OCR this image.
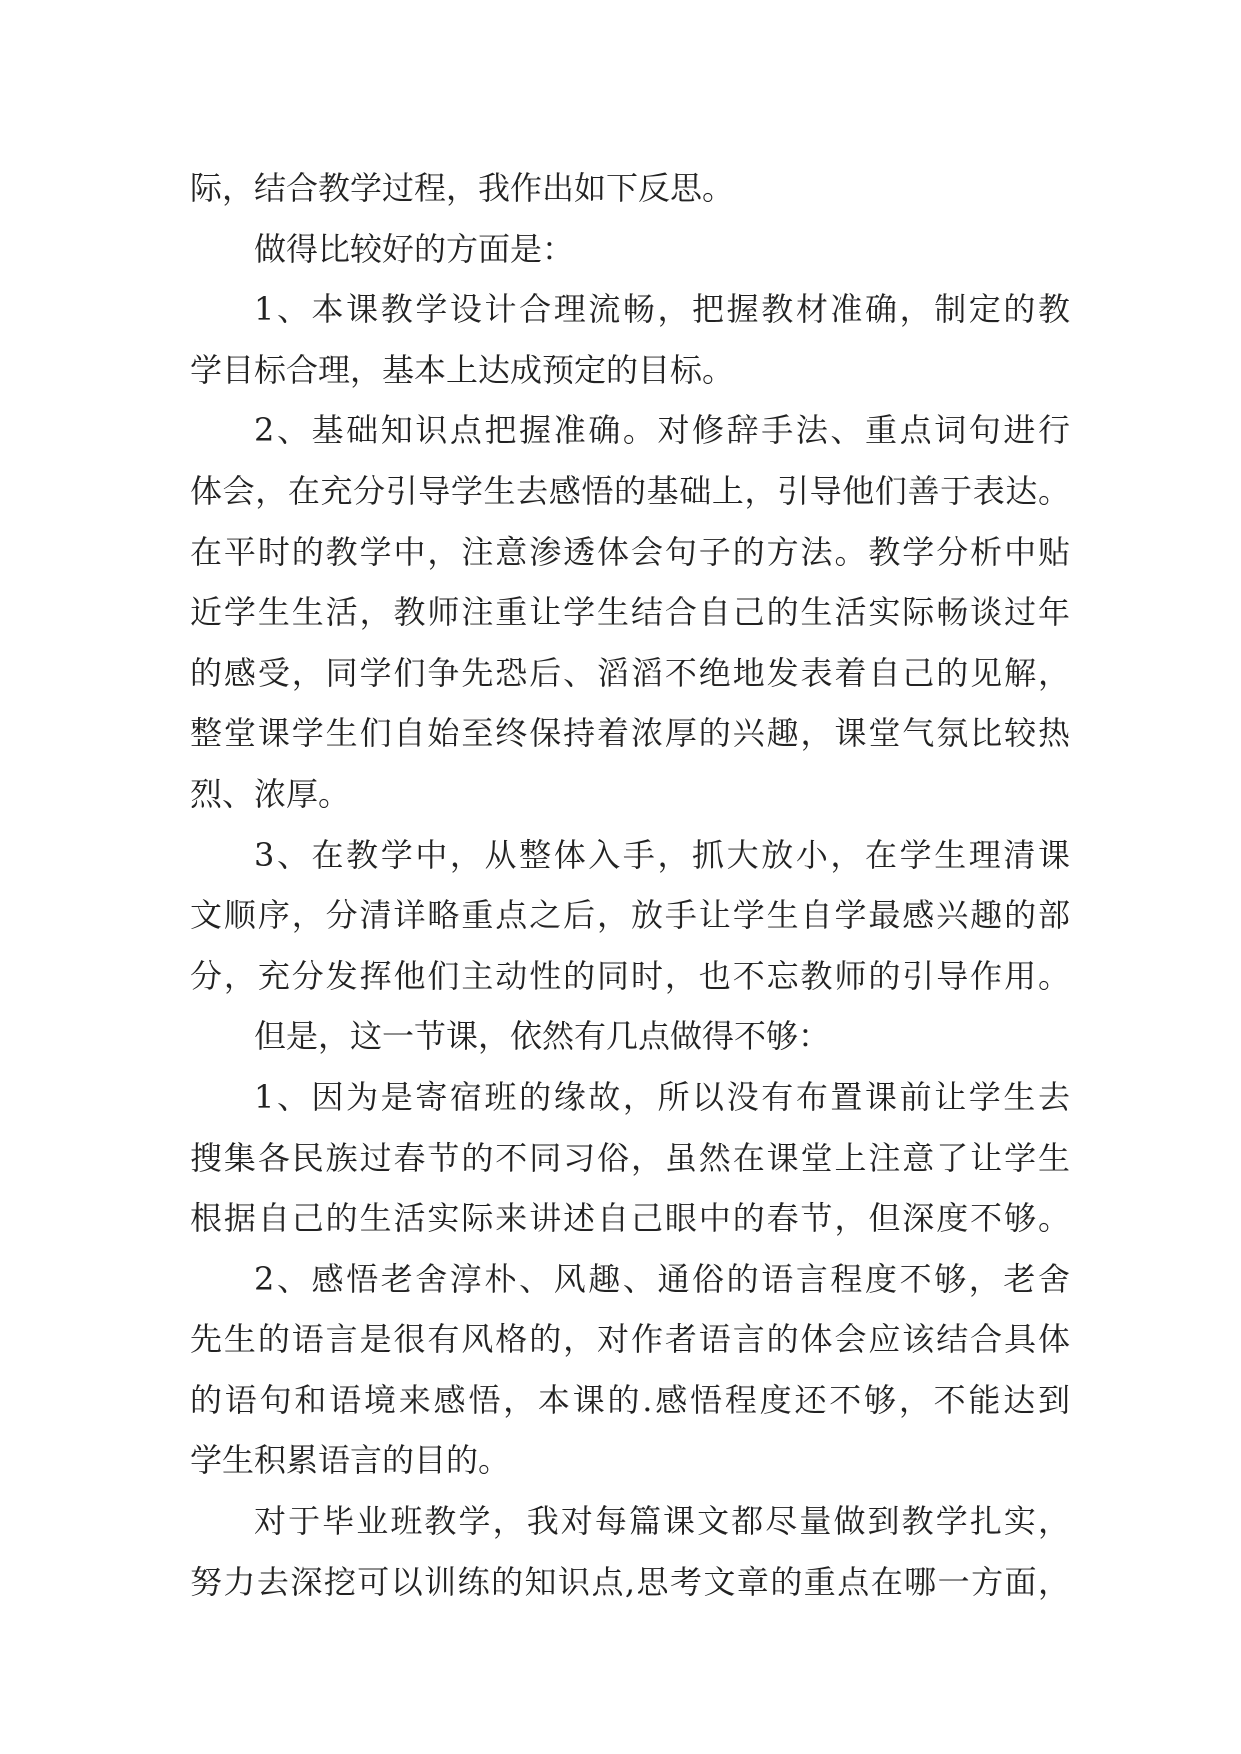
际，结合教学过程，我作出如下反思。
做得比较好的方面是：
1、本课教学设计合理流畅，把握教材准确，制定的教
学目标合理，基本上达成预定的目标。
2、基础知识点把握准确。对修辞手法、重点词句进行
体会，在充分引导学生去感悟的基础上，引导他们善于表达。
在平时的教学中，注意渗透体会句子的方法。教学分析中贴
近学生生活，教师注重让学生结合自己的生活实际畅谈过年
的感受，同学们争先恐后、滔滔不绝地发表着自己的见解，
整堂课学生们自始至终保持着浓厚的兴趣，课堂气氛比较热
烈、浓厚。
3、在教学中，从整体入手，抓大放小，在学生理清课
文顺序，分清详略重点之后，放手让学生自学最感兴趣的部
分，充分发挥他们主动性的同时，也不忘教师的引导作用。
但是，这一节课，依然有几点做得不够：
1、因为是寄宿班的缘故，所以没有布置课前让学生去
搜集各民族过春节的不同习俗，虽然在课堂上注意了让学生
根据自己的生活实际来讲述自己眼中的春节，但深度不够。
2、感悟老舍淳朴、风趣、通俗的语言程度不够，老舍
先生的语言是很有风格的，对作者语言的体会应该结合具体
的语句和语境来感悟，本课的.感悟程度还不够，不能达到
学生积累语言的目的。
对于毕业班教学，我对每篇课文都尽量做到教学扎实，
努力去深挖可以训练的知识点,思考文章的重点在哪一方面，
